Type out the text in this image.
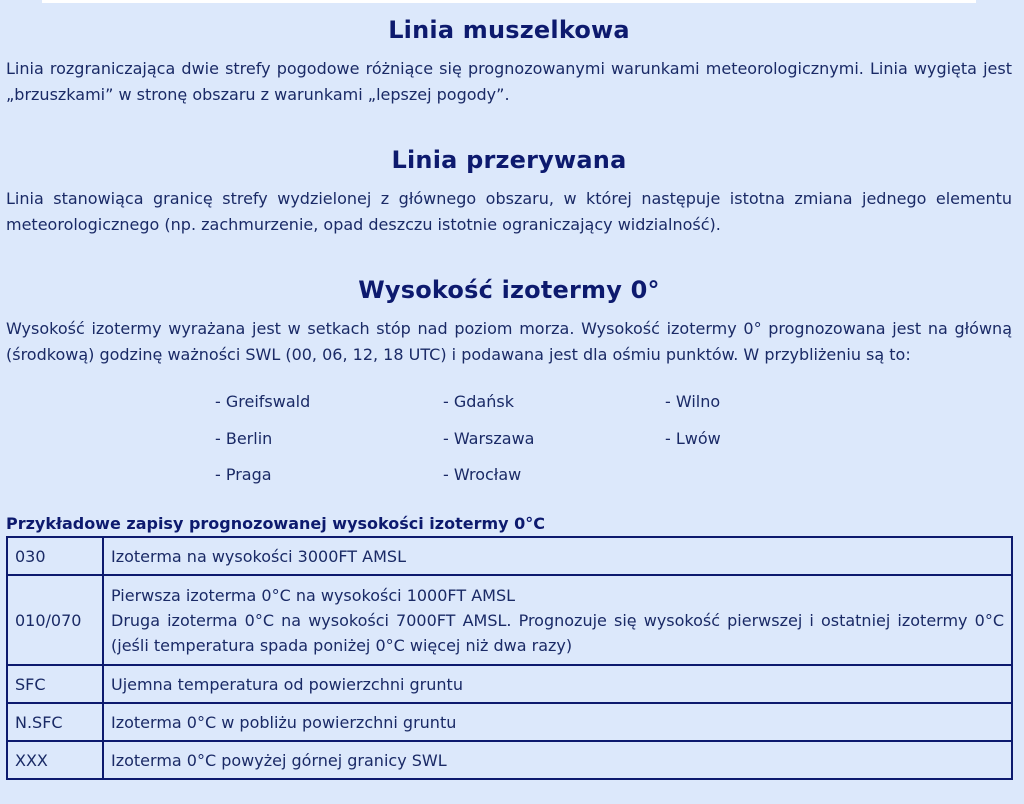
Linia muszelkowa

Linia rozgraniczająca dwie strefy pogodowe różniące się prognozowanymi warunkami meteorologicznymi. Linia wygięta jest „brzuszkami” w stronę obszaru z warunkami „lepszej pogody”.

Linia przerywana

Linia stanowiąca granicę strefy wydzielonej z głównego obszaru, w której następuje istotna zmiana jednego elementu meteorologicznego (np. zachmurzenie, opad deszczu istotnie ograniczający widzialność).

Wysokość izotermy 0°

Wysokość izotermy wyrażana jest w setkach stóp nad poziom morza. Wysokość izotermy 0° prognozowana jest na główną (środkową) godzinę ważności SWL (00, 06, 12, 18 UTC) i podawana jest dla ośmiu punktów. W przybliżeniu są to:

- Greifswald
- Berlin
- Praga
- Gdańsk
- Warszawa
- Wrocław
- Wilno
- Lwów
Przykładowe zapisy prognozowanej wysokości izotermy 0°C
030	Izoterma na wysokości 3000FT AMSL

010/070	Pierwsza izoterma 0°C na wysokości 1000FT AMSL
Druga izoterma 0°C na wysokości 7000FT AMSL. Prognozuje się wysokość pierwszej i ostatniej izotermy 0°C (jeśli temperatura spada poniżej 0°C więcej niż dwa razy)

SFC	Ujemna temperatura od powierzchni gruntu

N.SFC	Izoterma 0°C w pobliżu powierzchni gruntu

XXX	Izoterma 0°C powyżej górnej granicy SWL
